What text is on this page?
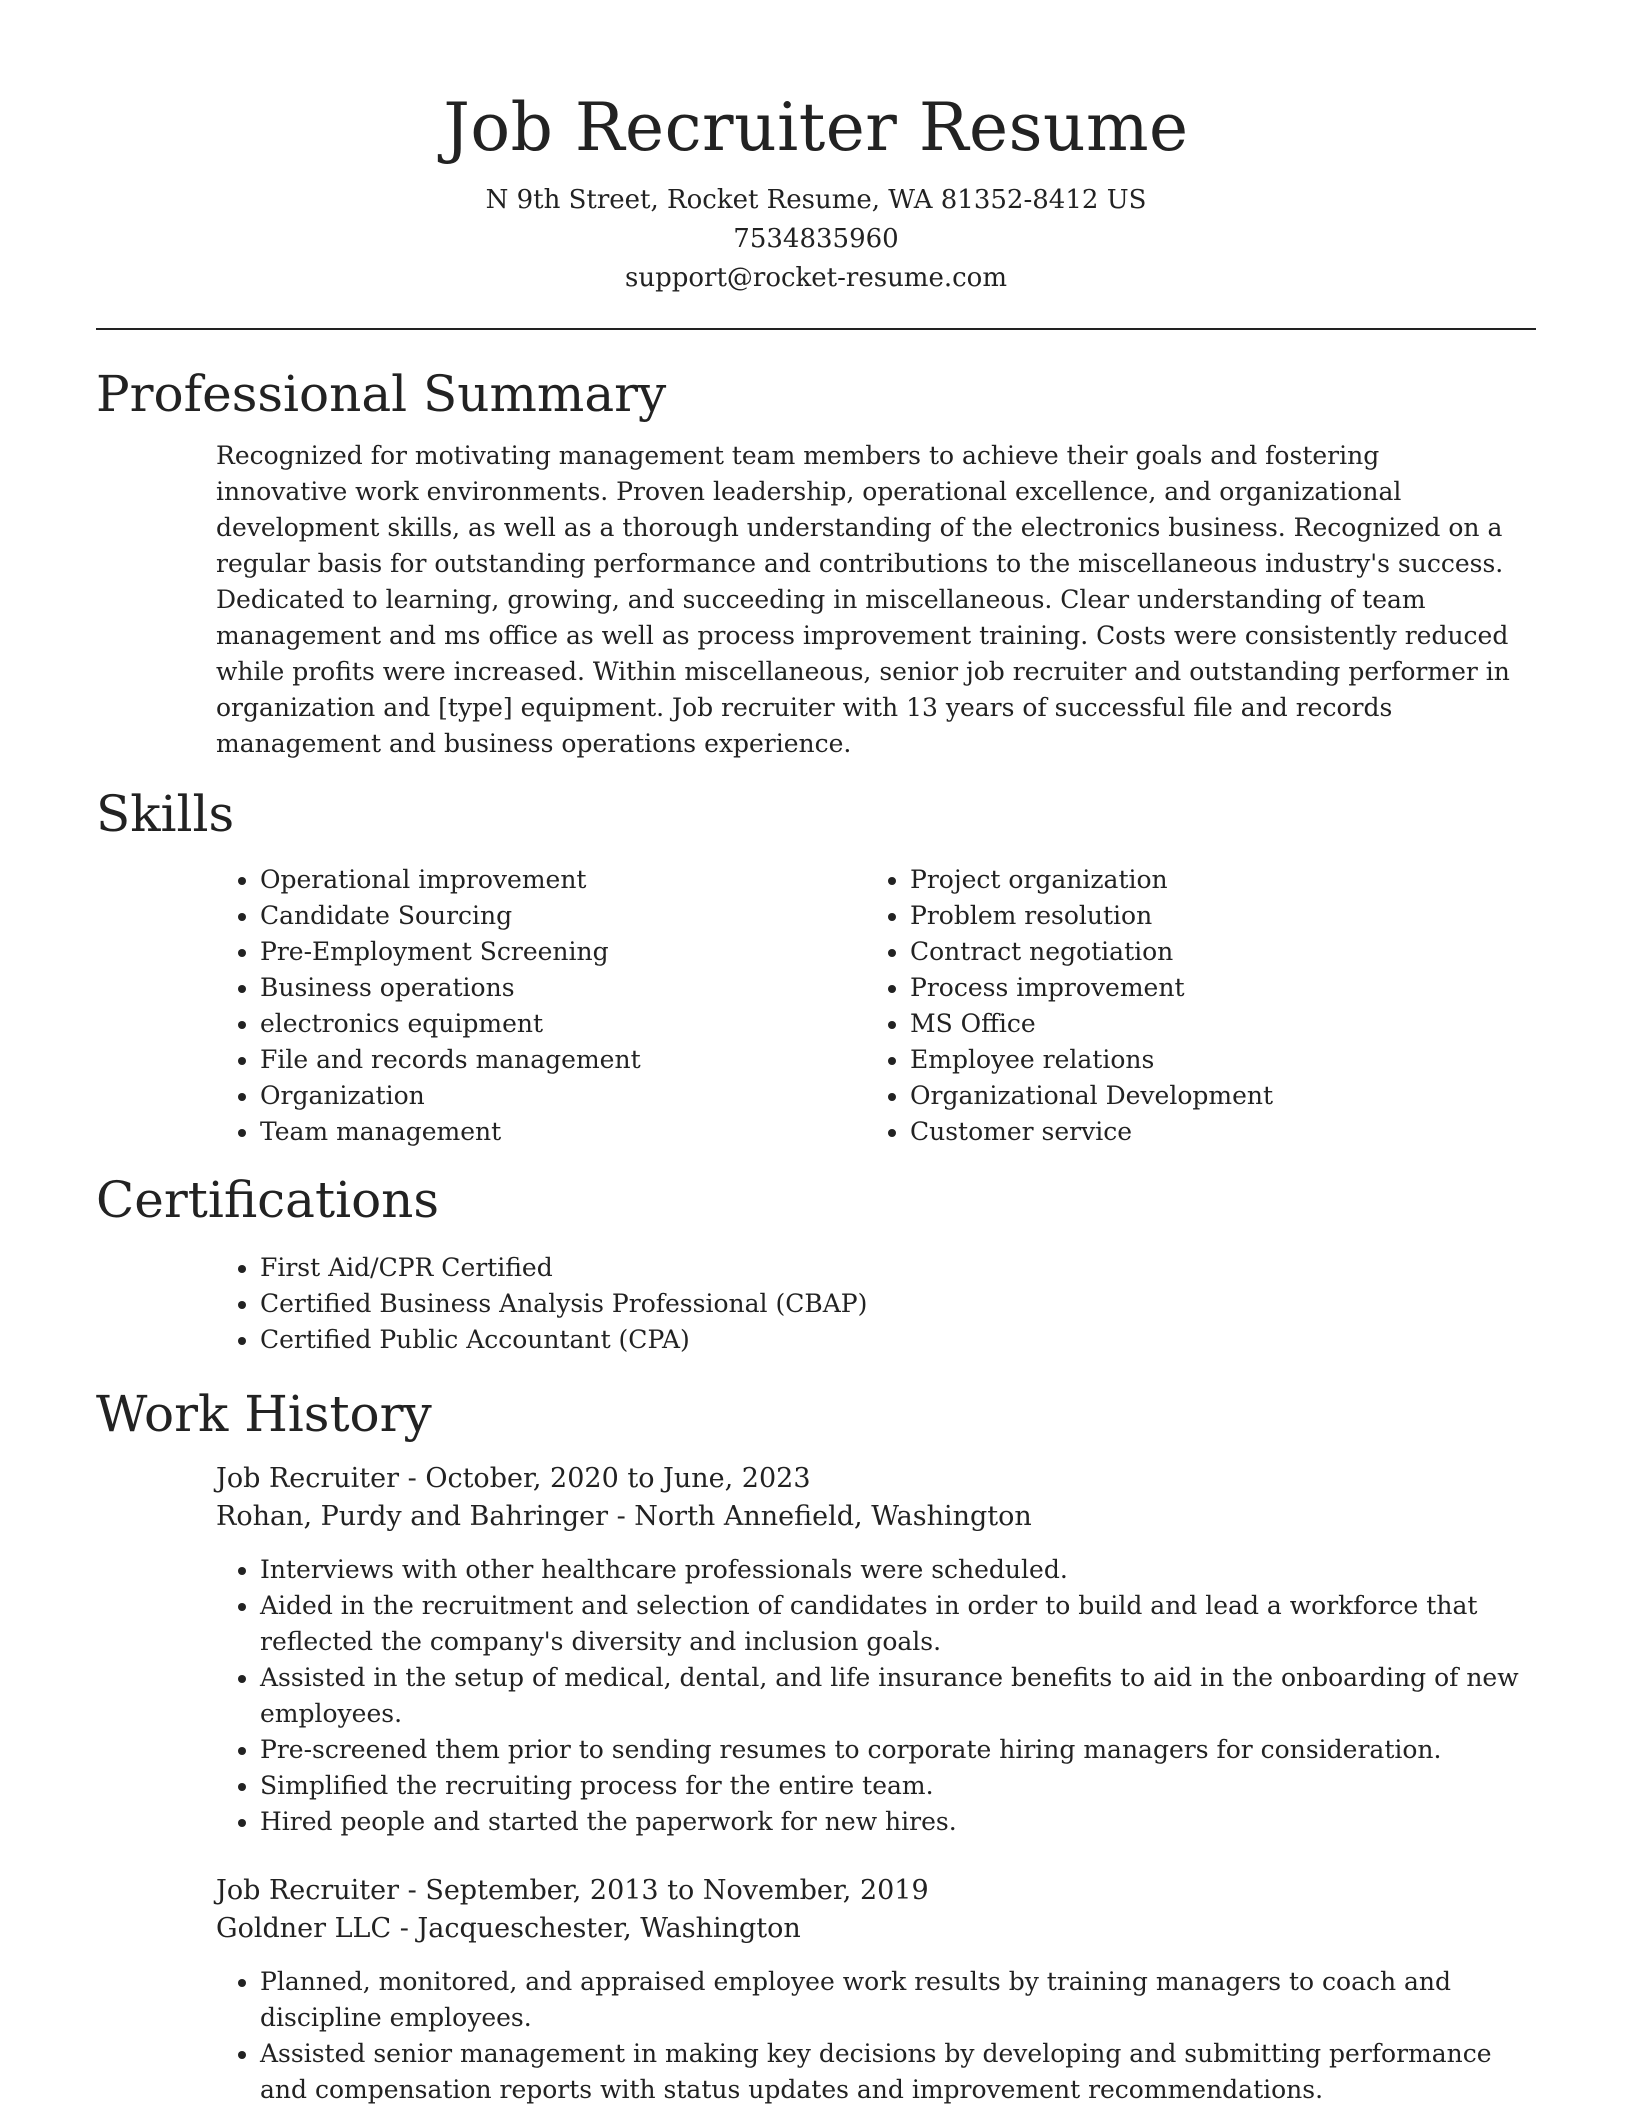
Job Recruiter Resume

N 9th Street, Rocket Resume, WA 81352-8412 US

7534835960

support@rocket-resume.com

Professional Summary

Recognized for motivating management team members to achieve their goals and fostering innovative work environments. Proven leadership, operational excellence, and organizational development skills, as well as a thorough understanding of the electronics business. Recognized on a regular basis for outstanding performance and contributions to the miscellaneous industry's success. Dedicated to learning, growing, and succeeding in miscellaneous. Clear understanding of team management and ms office as well as process improvement training. Costs were consistently reduced while profits were increased. Within miscellaneous, senior job recruiter and outstanding performer in organization and [type] equipment. Job recruiter with 13 years of successful file and records management and business operations experience.

Skills
• Operational improvement
• Candidate Sourcing
• Pre-Employment Screening
• Business operations
• electronics equipment
• File and records management
• Organization
• Team management
• Project organization
• Problem resolution
• Contract negotiation
• Process improvement
• MS Office
• Employee relations
• Organizational Development
• Customer service
Certifications
• First Aid/CPR Certified
• Certified Business Analysis Professional (CBAP)
• Certified Public Accountant (CPA)
Work History

Job Recruiter - October, 2020 to June, 2023

Rohan, Purdy and Bahringer - North Annefield, Washington

• Interviews with other healthcare professionals were scheduled.
• Aided in the recruitment and selection of candidates in order to build and lead a workforce that reflected the company's diversity and inclusion goals.
• Assisted in the setup of medical, dental, and life insurance benefits to aid in the onboarding of new employees.
• Pre-screened them prior to sending resumes to corporate hiring managers for consideration.
• Simplified the recruiting process for the entire team.
• Hired people and started the paperwork for new hires.

Job Recruiter - September, 2013 to November, 2019

Goldner LLC - Jacqueschester, Washington

• Planned, monitored, and appraised employee work results by training managers to coach and discipline employees.
• Assisted senior management in making key decisions by developing and submitting performance and compensation reports with status updates and improvement recommendations.
